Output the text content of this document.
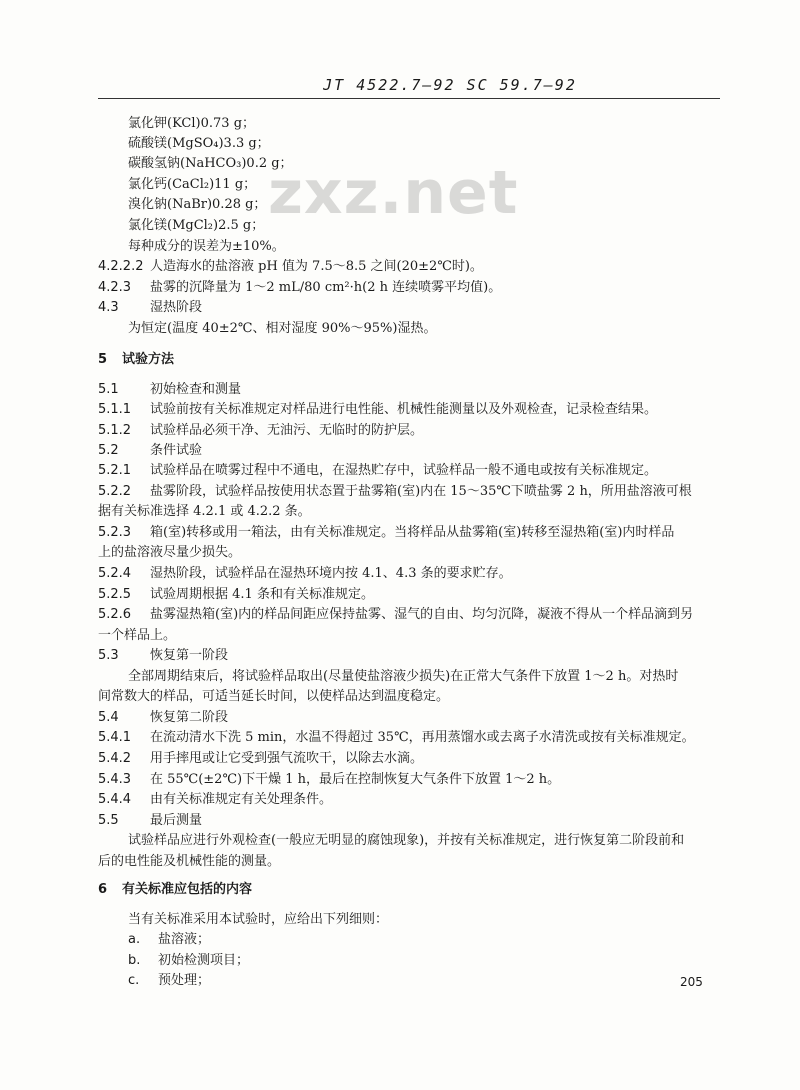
JT 4522.7—92 SC 59.7—92
zxz.net
氯化钾(KCl)0.73 g；
硫酸镁(MgSO₄)3.3 g；
碳酸氢钠(NaHCO₃)0.2 g；
氯化钙(CaCl₂)11 g；
溴化钠(NaBr)0.28 g；
氯化镁(MgCl₂)2.5 g；
每种成分的误差为±10%。
4.2.2.2 人造海水的盐溶液 pH 值为 7.5～8.5 之间(20±2℃时)。
4.2.3 盐雾的沉降量为 1～2 mL/80 cm²·h(2 h 连续喷雾平均值)。
4.3 湿热阶段
为恒定(温度 40±2℃、相对湿度 90%～95%)湿热。
5 试验方法
5.1 初始检查和测量
5.1.1 试验前按有关标准规定对样品进行电性能、机械性能测量以及外观检查，记录检查结果。
5.1.2 试验样品必须干净、无油污、无临时的防护层。
5.2 条件试验
5.2.1 试验样品在喷雾过程中不通电，在湿热贮存中，试验样品一般不通电或按有关标准规定。
5.2.2 盐雾阶段，试验样品按使用状态置于盐雾箱(室)内在 15～35℃下喷盐雾 2 h，所用盐溶液可根
据有关标准选择 4.2.1 或 4.2.2 条。
5.2.3 箱(室)转移或用一箱法，由有关标准规定。当将样品从盐雾箱(室)转移至湿热箱(室)内时样品
上的盐溶液尽量少损失。
5.2.4 湿热阶段，试验样品在湿热环境内按 4.1、4.3 条的要求贮存。
5.2.5 试验周期根据 4.1 条和有关标准规定。
5.2.6 盐雾湿热箱(室)内的样品间距应保持盐雾、湿气的自由、均匀沉降，凝液不得从一个样品滴到另
一个样品上。
5.3 恢复第一阶段
全部周期结束后，将试验样品取出(尽量使盐溶液少损失)在正常大气条件下放置 1～2 h。对热时
间常数大的样品，可适当延长时间，以使样品达到温度稳定。
5.4 恢复第二阶段
5.4.1 在流动清水下洗 5 min，水温不得超过 35℃，再用蒸馏水或去离子水清洗或按有关标准规定。
5.4.2 用手摔甩或让它受到强气流吹干，以除去水滴。
5.4.3 在 55℃(±2℃)下干燥 1 h，最后在控制恢复大气条件下放置 1～2 h。
5.4.4 由有关标准规定有关处理条件。
5.5 最后测量
试验样品应进行外观检查(一般应无明显的腐蚀现象)，并按有关标准规定，进行恢复第二阶段前和
后的电性能及机械性能的测量。
6 有关标准应包括的内容
当有关标准采用本试验时，应给出下列细则：
a. 盐溶液；
b. 初始检测项目；
c. 预处理；	205
